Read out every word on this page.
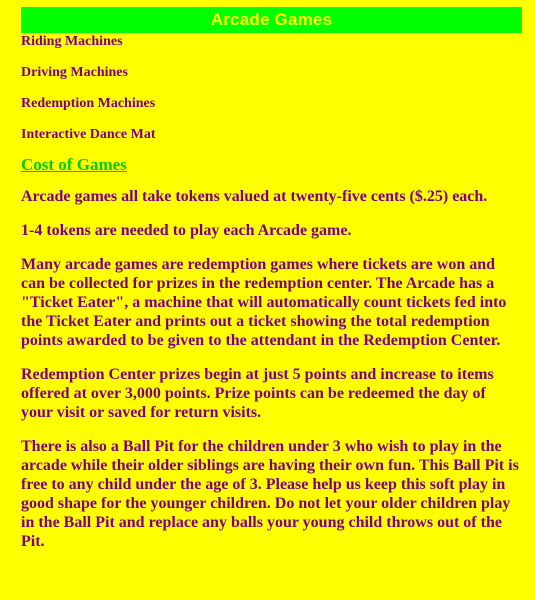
Arcade Games
Riding Machines
Driving Machines
Redemption Machines
Interactive Dance Mat
Cost of Games

Arcade games all take tokens valued at twenty-five cents ($.25) each.

1-4 tokens are needed to play each Arcade game.

Many arcade games are redemption games where tickets are won and can be collected for prizes in the redemption center. The Arcade has a "Ticket Eater", a machine that will automatically count tickets fed into the Ticket Eater and prints out a ticket showing the total redemption points awarded to be given to the attendant in the Redemption Center.

Redemption Center prizes begin at just 5 points and increase to items offered at over 3,000 points. Prize points can be redeemed the day of your visit or saved for return visits.

There is also a Ball Pit for the children under 3 who wish to play in the arcade while their older siblings are having their own fun. This Ball Pit is free to any child under the age of 3. Please help us keep this soft play in good shape for the younger children. Do not let your older children play in the Ball Pit and replace any balls your young child throws out of the Pit.
